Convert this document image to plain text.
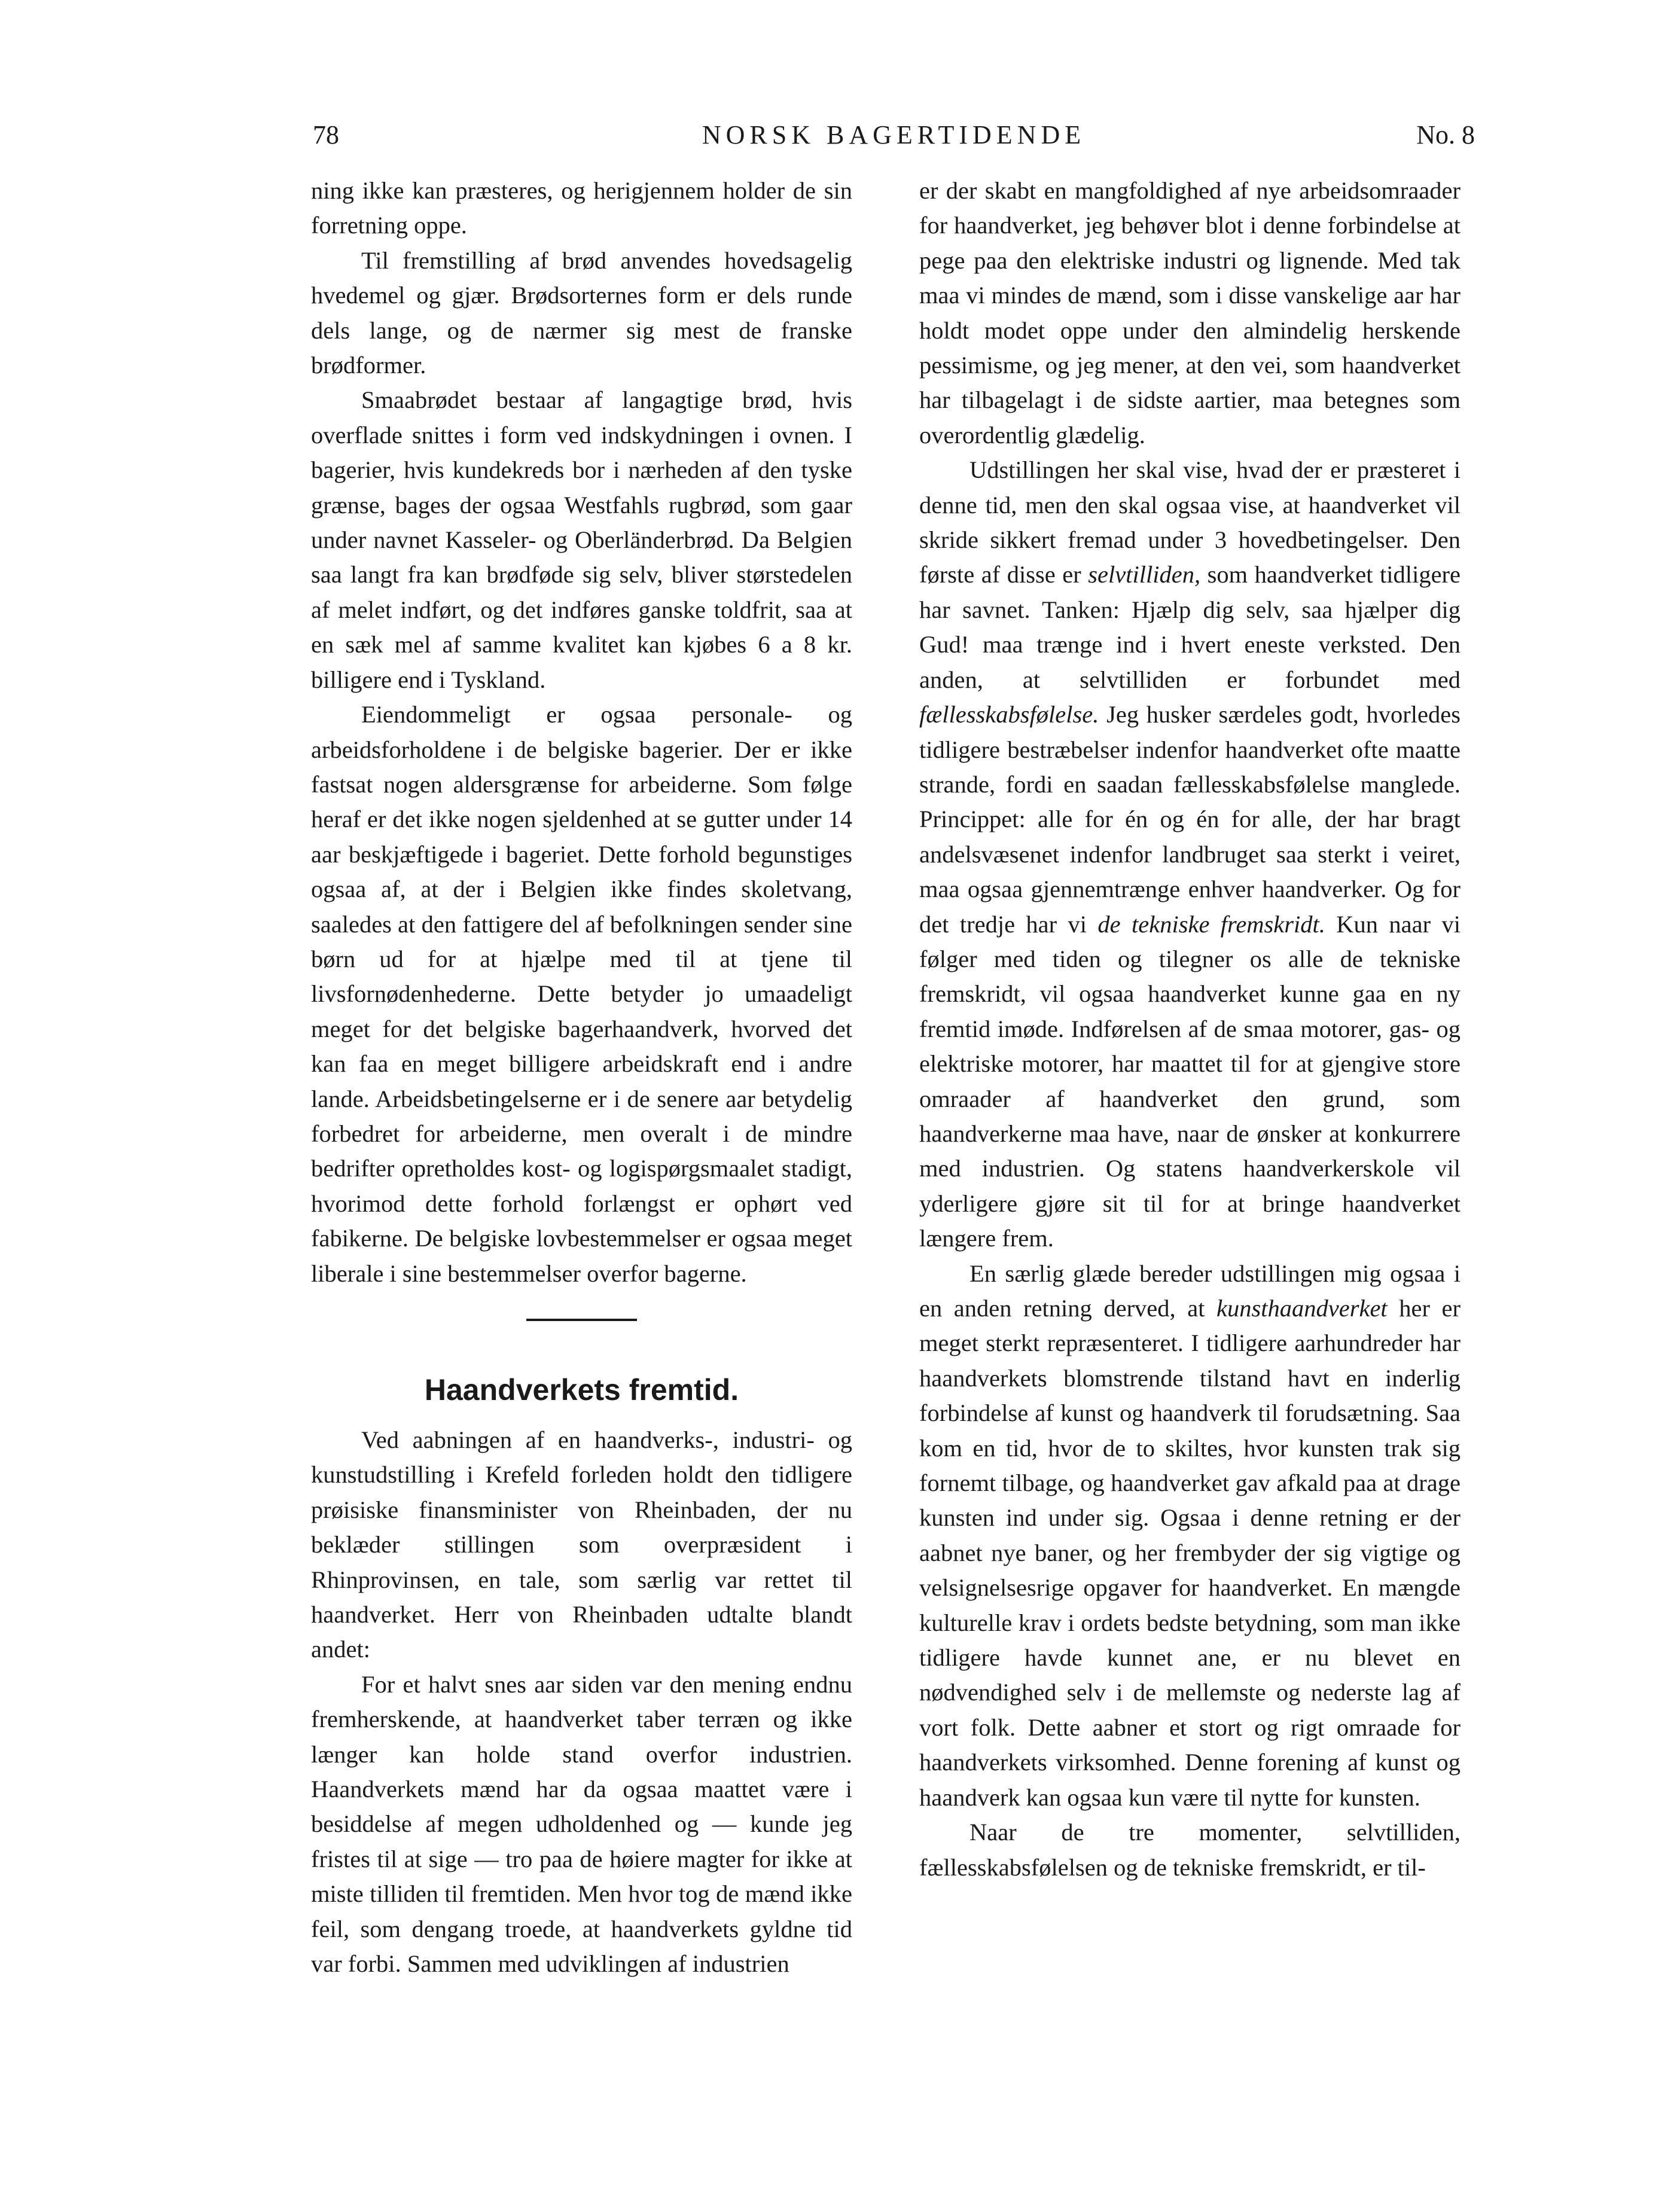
78	NORSK BAGERTIDENDE	No. 8

ning ikke kan præsteres, og herigjennem holder de sin forretning oppe.

Til fremstilling af brød anvendes hovedsagelig hvedemel og gjær. Brødsorternes form er dels runde dels lange, og de nærmer sig mest de franske brødformer.

Smaabrødet bestaar af langagtige brød, hvis overflade snittes i form ved indskydningen i ovnen. I bagerier, hvis kundekreds bor i nærheden af den tyske grænse, bages der ogsaa Westfahls rugbrød, som gaar under navnet Kasseler- og Oberländerbrød. Da Belgien saa langt fra kan brødføde sig selv, bliver størstedelen af melet indført, og det indføres ganske toldfrit, saa at en sæk mel af samme kvalitet kan kjøbes 6 a 8 kr. billigere end i Tyskland.

Eiendommeligt er ogsaa personale- og arbeidsforholdene i de belgiske bagerier. Der er ikke fastsat nogen aldersgrænse for arbeiderne. Som følge heraf er det ikke nogen sjeldenhed at se gutter under 14 aar beskjæftigede i bageriet. Dette forhold begunstiges ogsaa af, at der i Belgien ikke findes skoletvang, saaledes at den fattigere del af befolkningen sender sine børn ud for at hjælpe med til at tjene til livsfornødenhederne. Dette betyder jo umaadeligt meget for det belgiske bagerhaandverk, hvorved det kan faa en meget billigere arbeidskraft end i andre lande. Arbeidsbetingelserne er i de senere aar betydelig forbedret for arbeiderne, men overalt i de mindre bedrifter opretholdes kost- og logispørgsmaalet stadigt, hvorimod dette forhold forlængst er ophørt ved fabikerne. De belgiske lovbestemmelser er ogsaa meget liberale i sine bestemmelser overfor bagerne.

Haandverkets fremtid.

Ved aabningen af en haandverks-, industri- og kunstudstilling i Krefeld forleden holdt den tidligere prøisiske finansminister von Rheinbaden, der nu beklæder stillingen som overpræsident i Rhinprovinsen, en tale, som særlig var rettet til haandverket. Herr von Rheinbaden udtalte blandt andet:

For et halvt snes aar siden var den mening endnu fremherskende, at haandverket taber terræn og ikke længer kan holde stand overfor industrien. Haandverkets mænd har da ogsaa maattet være i besiddelse af megen udholdenhed og — kunde jeg fristes til at sige — tro paa de høiere magter for ikke at miste tilliden til fremtiden. Men hvor tog de mænd ikke feil, som dengang troede, at haandverkets gyldne tid var forbi. Sammen med udviklingen af industrien

er der skabt en mangfoldighed af nye arbeidsomraader for haandverket, jeg behøver blot i denne forbindelse at pege paa den elektriske industri og lignende. Med tak maa vi mindes de mænd, som i disse vanskelige aar har holdt modet oppe under den almindelig herskende pessimisme, og jeg mener, at den vei, som haandverket har tilbagelagt i de sidste aartier, maa betegnes som overordentlig glædelig.

Udstillingen her skal vise, hvad der er præsteret i denne tid, men den skal ogsaa vise, at haandverket vil skride sikkert fremad under 3 hovedbetingelser. Den første af disse er selvtilliden, som haandverket tidligere har savnet. Tanken: Hjælp dig selv, saa hjælper dig Gud! maa trænge ind i hvert eneste verksted. Den anden, at selvtilliden er forbundet med fællesskabsfølelse. Jeg husker særdeles godt, hvorledes tidligere bestræbelser indenfor haandverket ofte maatte strande, fordi en saadan fællesskabsfølelse manglede. Princippet: alle for én og én for alle, der har bragt andelsvæsenet indenfor landbruget saa sterkt i veiret, maa ogsaa gjennemtrænge enhver haandverker. Og for det tredje har vi de tekniske fremskridt. Kun naar vi følger med tiden og tilegner os alle de tekniske fremskridt, vil ogsaa haandverket kunne gaa en ny fremtid imøde. Indførelsen af de smaa motorer, gas- og elektriske motorer, har maattet til for at gjengive store omraader af haandverket den grund, som haandverkerne maa have, naar de ønsker at konkurrere med industrien. Og statens haandverkerskole vil yderligere gjøre sit til for at bringe haandverket længere frem.

En særlig glæde bereder udstillingen mig ogsaa i en anden retning derved, at kunsthaandverket her er meget sterkt repræsenteret. I tidligere aarhundreder har haandverkets blomstrende tilstand havt en inderlig forbindelse af kunst og haandverk til forudsætning. Saa kom en tid, hvor de to skiltes, hvor kunsten trak sig fornemt tilbage, og haandverket gav afkald paa at drage kunsten ind under sig. Ogsaa i denne retning er der aabnet nye baner, og her frembyder der sig vigtige og velsignelsesrige opgaver for haandverket. En mængde kulturelle krav i ordets bedste betydning, som man ikke tidligere havde kunnet ane, er nu blevet en nødvendighed selv i de mellemste og nederste lag af vort folk. Dette aabner et stort og rigt omraade for haandverkets virksomhed. Denne forening af kunst og haandverk kan ogsaa kun være til nytte for kunsten.

Naar de tre momenter, selvtilliden, fællesskabsfølelsen og de tekniske fremskridt, er til-
